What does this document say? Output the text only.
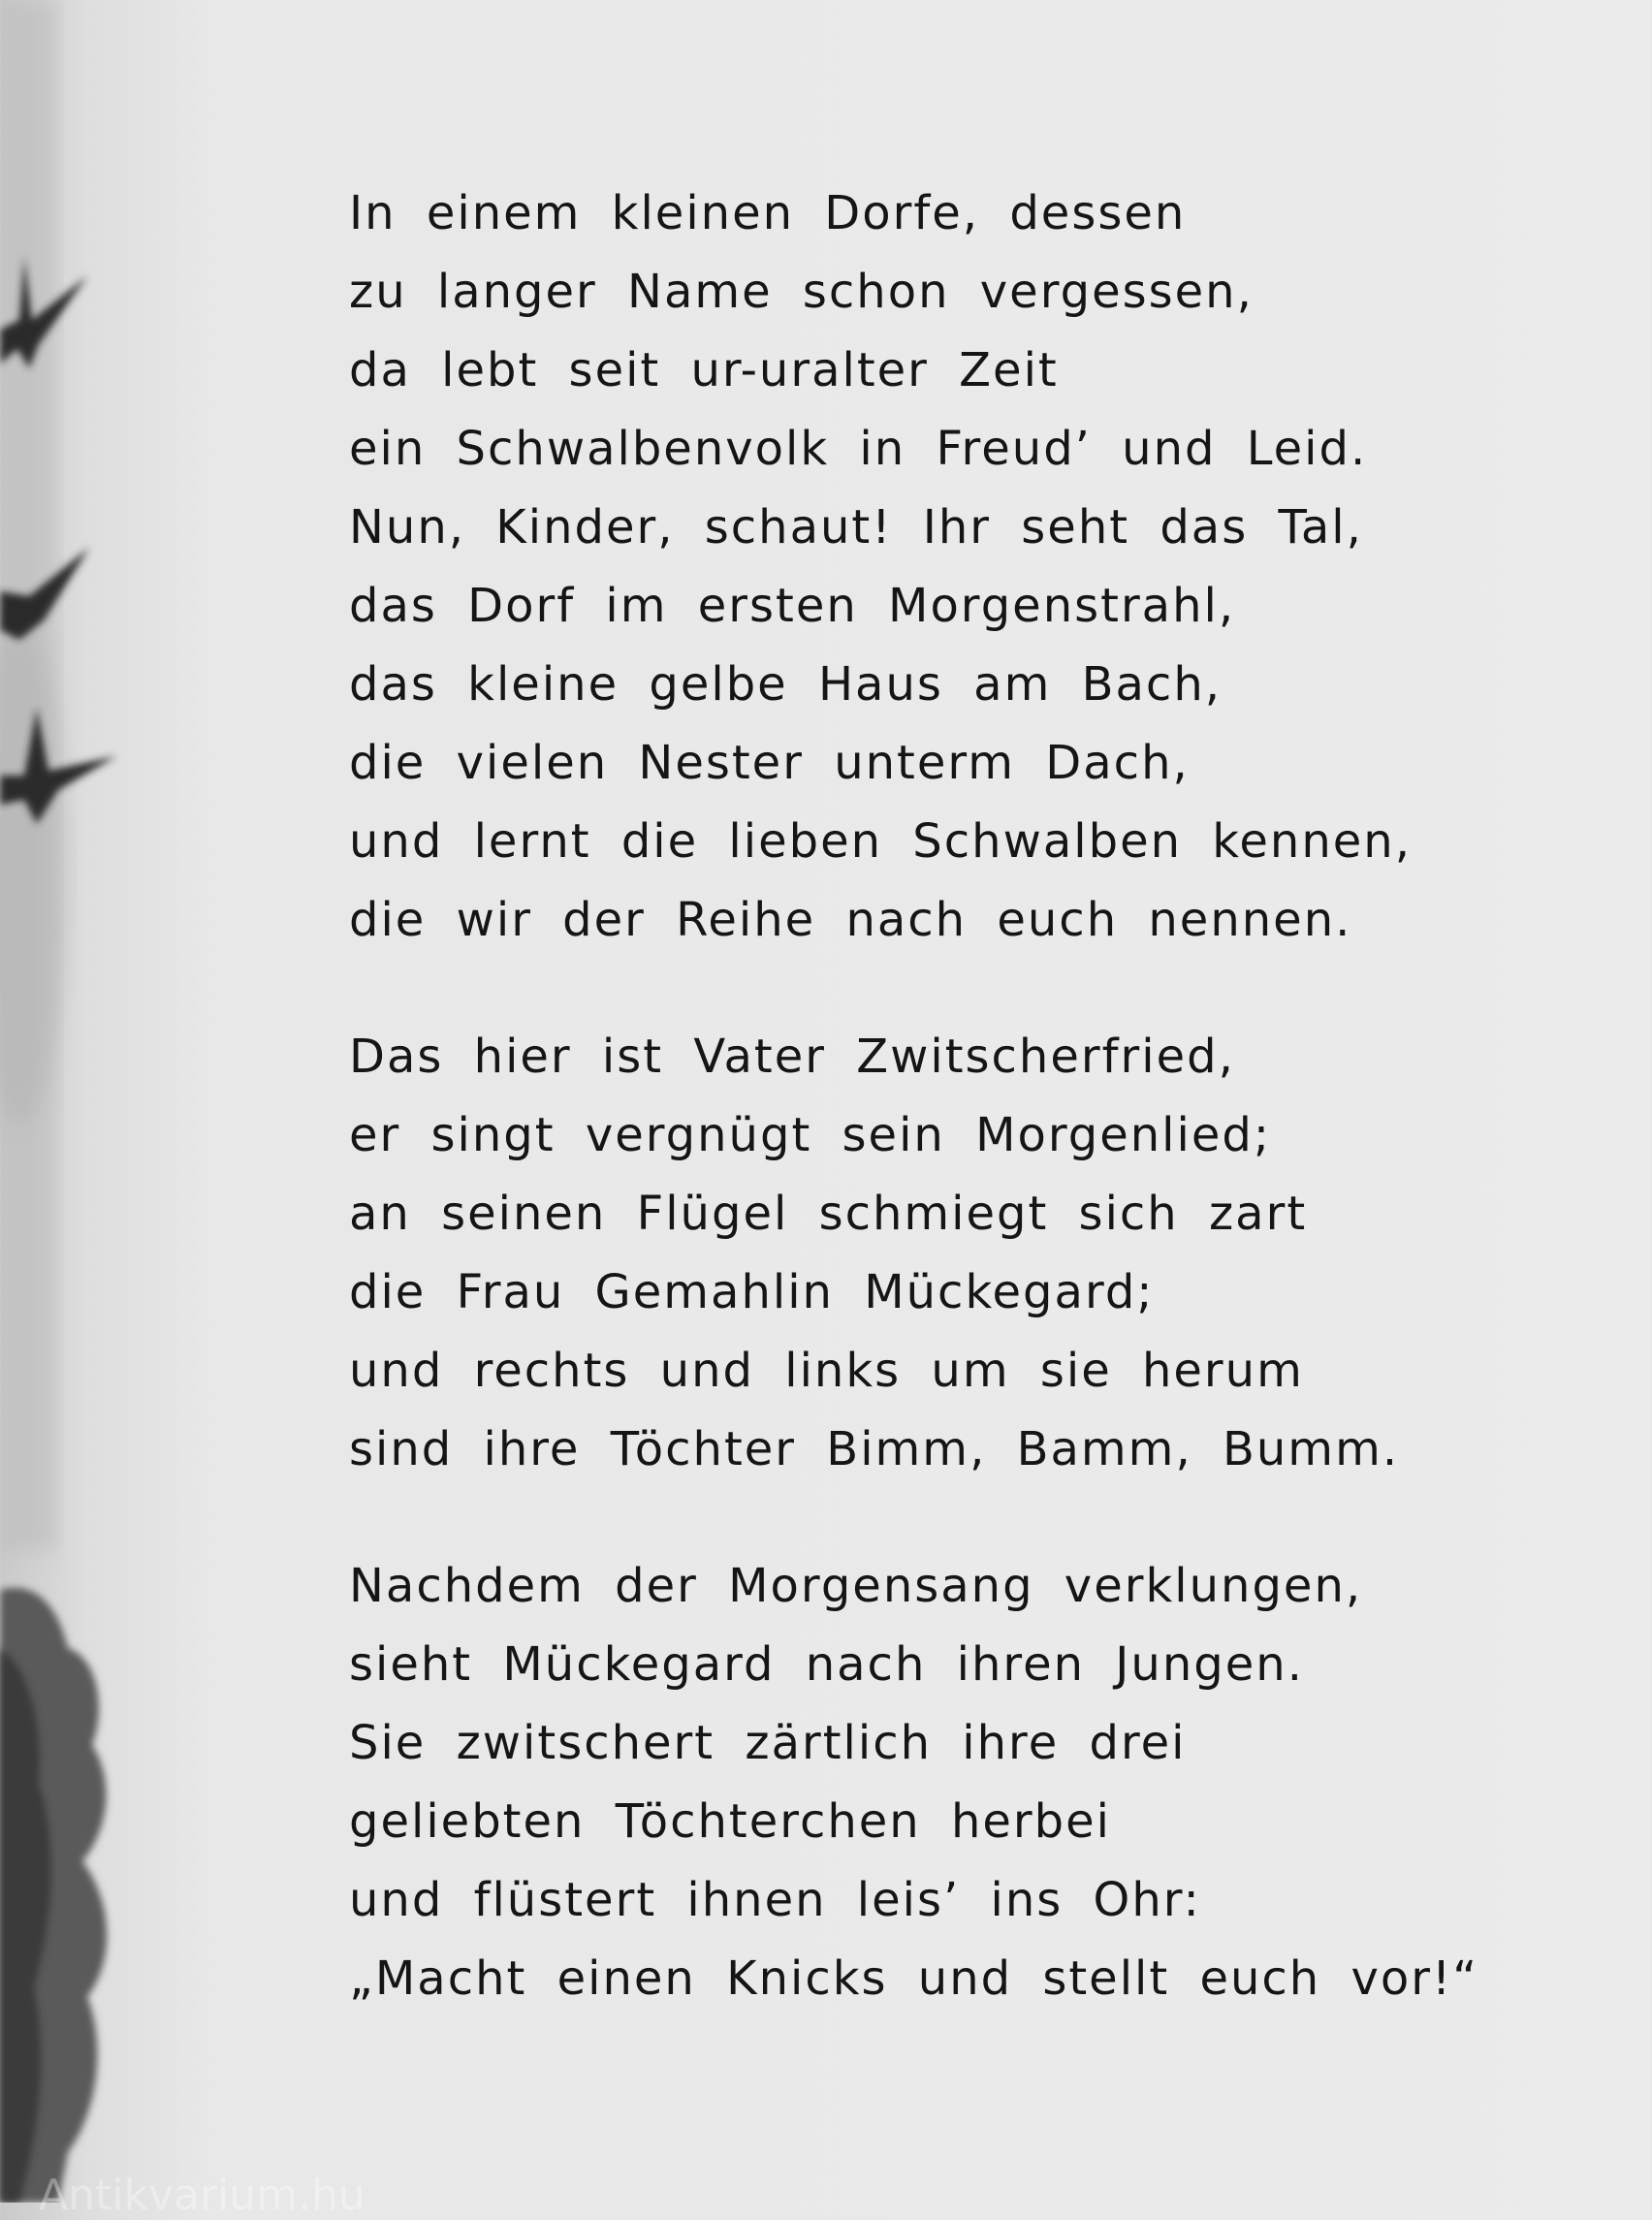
In einem kleinen Dorfe, dessen
zu langer Name schon vergessen,
da lebt seit ur-uralter Zeit
ein Schwalbenvolk in Freud’ und Leid.
Nun, Kinder, schaut! Ihr seht das Tal,
das Dorf im ersten Morgenstrahl,
das kleine gelbe Haus am Bach,
die vielen Nester unterm Dach,
und lernt die lieben Schwalben kennen,
die wir der Reihe nach euch nennen.
Das hier ist Vater Zwitscherfried,
er singt vergnügt sein Morgenlied;
an seinen Flügel schmiegt sich zart
die Frau Gemahlin Mückegard;
und rechts und links um sie herum
sind ihre Töchter Bimm, Bamm, Bumm.
Nachdem der Morgensang verklungen,
sieht Mückegard nach ihren Jungen.
Sie zwitschert zärtlich ihre drei
geliebten Töchterchen herbei
und flüstert ihnen leis’ ins Ohr:
„Macht einen Knicks und stellt euch vor!“
Antikvarium.hu
